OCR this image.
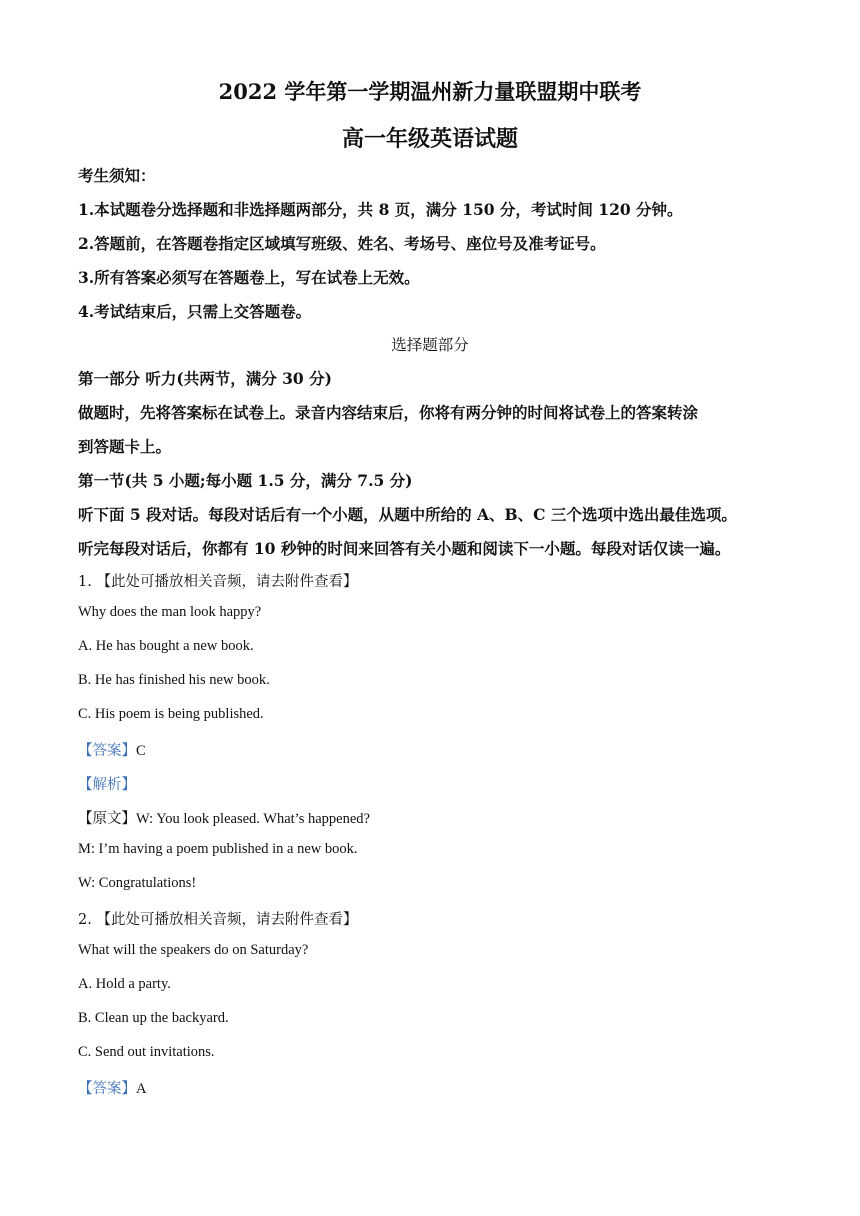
2022 学年第一学期温州新力量联盟期中联考
高一年级英语试题
考生须知：
1.本试题卷分选择题和非选择题两部分，共 8 页，满分 150 分，考试时间 120 分钟。
2.答题前，在答题卷指定区域填写班级、姓名、考场号、座位号及准考证号。
3.所有答案必须写在答题卷上，写在试卷上无效。
4.考试结束后，只需上交答题卷。
选择题部分
第一部分 听力(共两节，满分 30 分)
做题时，先将答案标在试卷上。录音内容结束后，你将有两分钟的时间将试卷上的答案转涂
到答题卡上。
第一节(共 5 小题;每小题 1.5 分，满分 7.5 分)
听下面 5 段对话。每段对话后有一个小题，从题中所给的 A、B、C 三个选项中选出最佳选项。
听完每段对话后，你都有 10 秒钟的时间来回答有关小题和阅读下一小题。每段对话仅读一遍。
1. 【此处可播放相关音频，请去附件查看】
Why does the man look happy?
A. He has bought a new book.
B. He has finished his new book.
C. His poem is being published.
【答案】C
【解析】
【原文】W: You look pleased. What’s happened?
M: I’m having a poem published in a new book.
W: Congratulations!
2. 【此处可播放相关音频，请去附件查看】
What will the speakers do on Saturday?
A. Hold a party.
B. Clean up the backyard.
C. Send out invitations.
【答案】A
